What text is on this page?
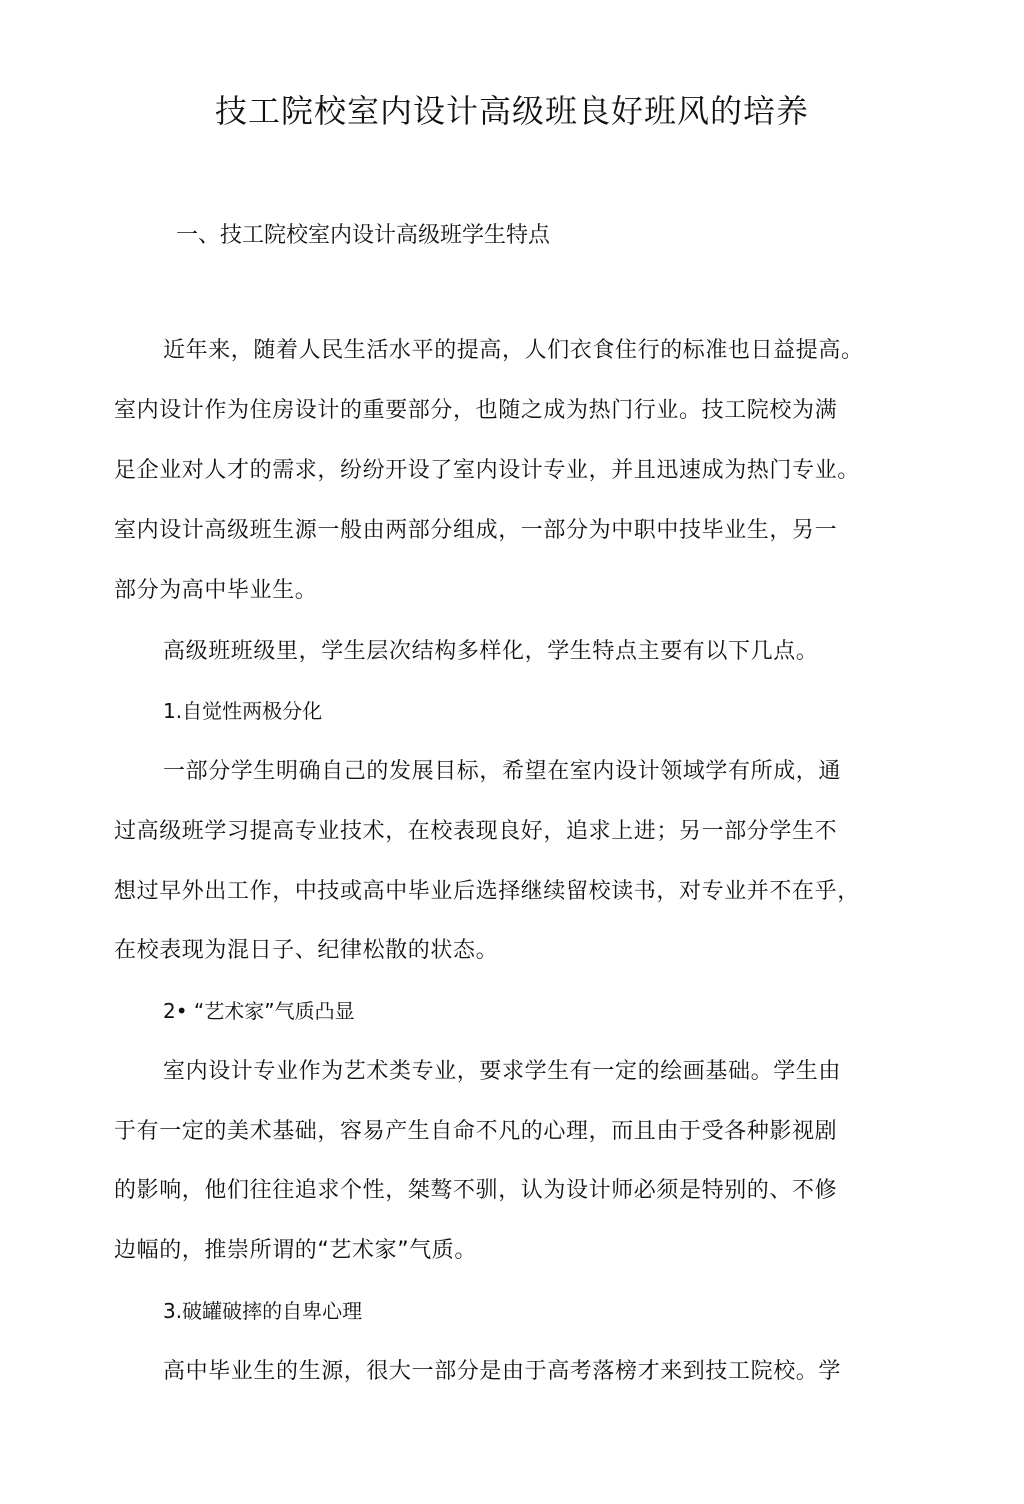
技工院校室内设计高级班良好班风的培养
一、技工院校室内设计高级班学生特点
近年来，随着人民生活水平的提高，人们衣食住行的标准也日益提高。
室内设计作为住房设计的重要部分，也随之成为热门行业。技工院校为满
足企业对人才的需求，纷纷开设了室内设计专业，并且迅速成为热门专业。
室内设计高级班生源一般由两部分组成，一部分为中职中技毕业生，另一
部分为高中毕业生。
高级班班级里，学生层次结构多样化，学生特点主要有以下几点。
1.自觉性两极分化
一部分学生明确自己的发展目标，希望在室内设计领域学有所成，通
过高级班学习提高专业技术，在校表现良好，追求上进；另一部分学生不
想过早外出工作，中技或高中毕业后选择继续留校读书，对专业并不在乎，
在校表现为混日子、纪律松散的状态。
2• “艺术家”气质凸显
室内设计专业作为艺术类专业，要求学生有一定的绘画基础。学生由
于有一定的美术基础，容易产生自命不凡的心理，而且由于受各种影视剧
的影响，他们往往追求个性，桀骜不驯，认为设计师必须是特别的、不修
边幅的，推崇所谓的“艺术家”气质。
3.破罐破摔的自卑心理
高中毕业生的生源，很大一部分是由于高考落榜才来到技工院校。学
